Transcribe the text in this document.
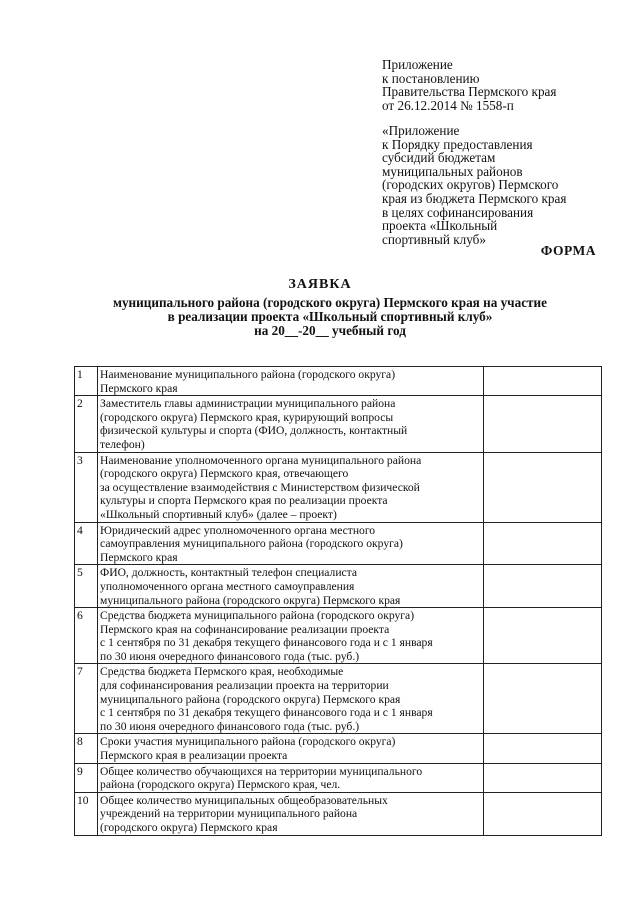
Приложение
к постановлению
Правительства Пермского края
от 26.12.2014 № 1558-п
«Приложение
к Порядку предоставления
субсидий бюджетам
муниципальных районов
(городских округов) Пермского
края из бюджета Пермского края
в целях софинансирования
проекта «Школьный
спортивный клуб»
ФОРМА
ЗАЯВКА
муниципального района (городского округа) Пермского края на участие
в реализации проекта «Школьный спортивный клуб»
на 20__-20__ учебный год
1	Наименование муниципального района (городского округа)
Пермского края	

2	Заместитель главы администрации муниципального района
(городского округа) Пермского края, курирующий вопросы
физической культуры и спорта (ФИО, должность, контактный
телефон)	

3	Наименование уполномоченного органа муниципального района
(городского округа) Пермского края, отвечающего
за осуществление взаимодействия с Министерством физической
культуры и спорта Пермского края по реализации проекта
«Школьный спортивный клуб» (далее – проект)	

4	Юридический адрес уполномоченного органа местного
самоуправления муниципального района (городского округа)
Пермского края	

5	ФИО, должность, контактный телефон специалиста
уполномоченного органа местного самоуправления
муниципального района (городского округа) Пермского края	

6	Средства бюджета муниципального района (городского округа)
Пермского края на софинансирование реализации проекта
с 1 сентября по 31 декабря текущего финансового года и с 1 января
по 30 июня очередного финансового года (тыс. руб.)	

7	Средства бюджета Пермского края, необходимые
для софинансирования реализации проекта на территории
муниципального района (городского округа) Пермского края
с 1 сентября по 31 декабря текущего финансового года и с 1 января
по 30 июня очередного финансового года (тыс. руб.)	

8	Сроки участия муниципального района (городского округа)
Пермского края в реализации проекта	

9	Общее количество обучающихся на территории муниципального
района (городского округа) Пермского края, чел.	

10	Общее количество муниципальных общеобразовательных
учреждений на территории муниципального района
(городского округа) Пермского края	
